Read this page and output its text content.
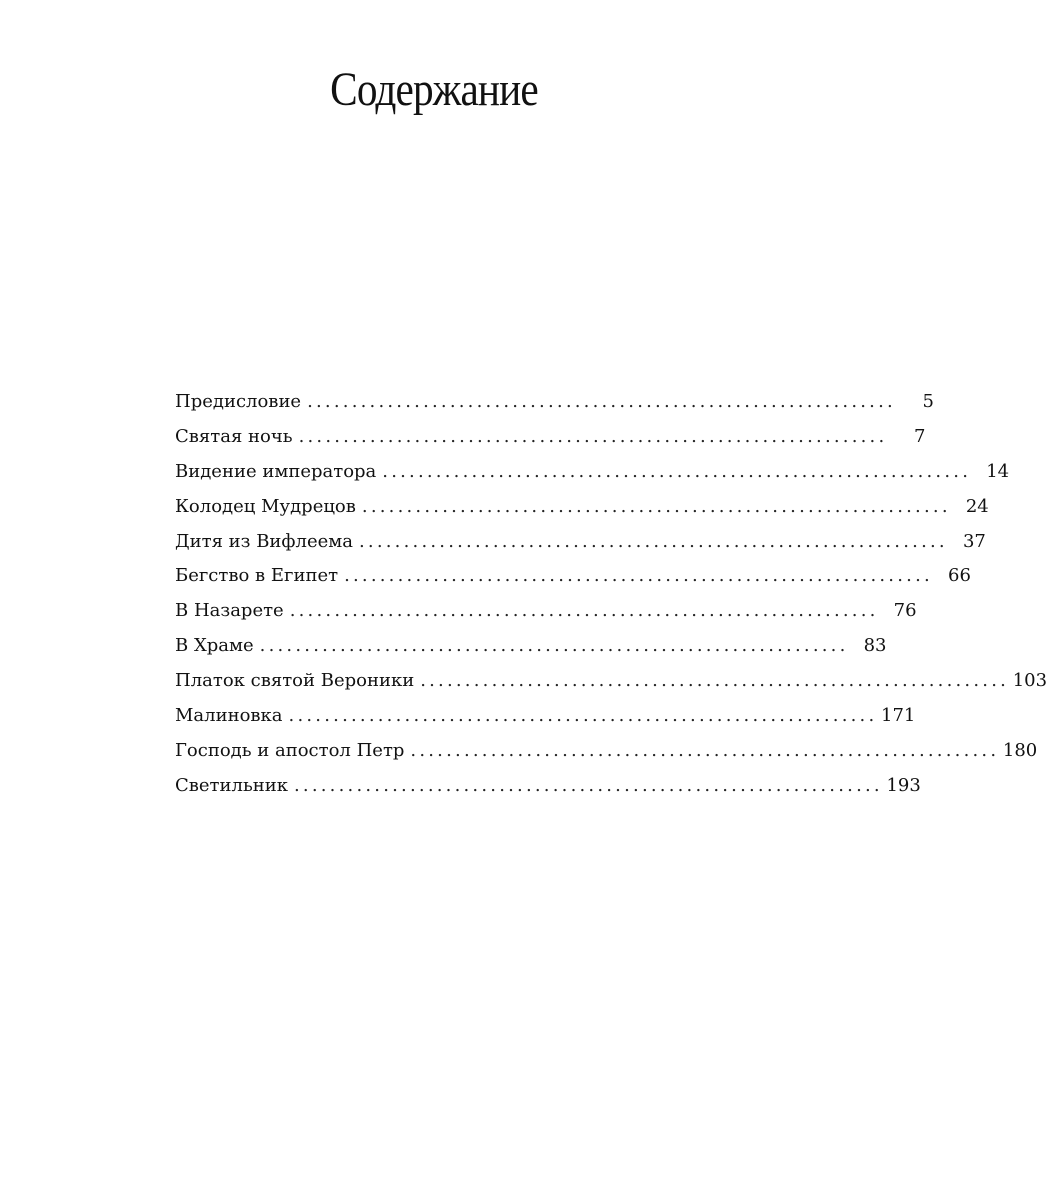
Содержание
Предисловие ..................................................................	5
Святая ночь ..................................................................	7
Видение императора .................................................................. 14
Колодец Мудрецов .................................................................. 24
Дитя из Вифлеема .................................................................. 37
Бегство в Египет .................................................................. 66
В Назарете .................................................................. 76
В Храме .................................................................. 83
Платок святой Вероники .................................................................. 103
Малиновка .................................................................. 171
Господь и апостол Петр .................................................................. 180
Светильник .................................................................. 193
